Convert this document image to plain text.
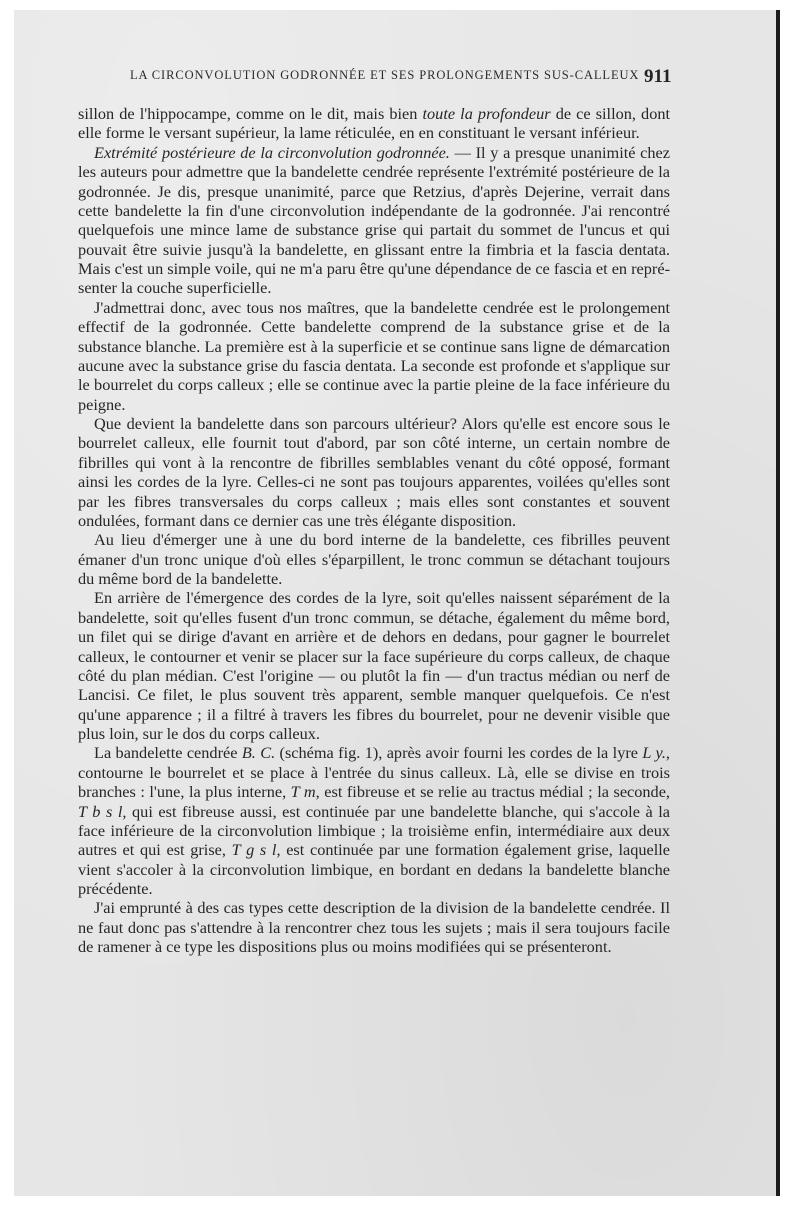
LA CIRCONVOLUTION GODRONNÉE ET SES PROLONGEMENTS SUS-CALLEUX 911

sillon de l'hippocampe, comme on le dit, mais bien toute la profondeur de ce sillon, dont elle forme le versant supérieur, la lame réticulée, en en constituant le versant inférieur.

Extrémité postérieure de la circonvolution godronnée. — Il y a presque unanimité chez les auteurs pour admettre que la bandelette cendrée représente l'extrémité postérieure de la godronnée. Je dis, presque unanimité, parce que Retzius, d'après Dejerine, verrait dans cette bandelette la fin d'une circonvolution indépendante de la godronnée. J'ai rencontré quelquefois une mince lame de substance grise qui partait du sommet de l'uncus et qui pouvait être suivie jusqu'à la bandelette, en glissant entre la fimbria et la fascia dentata. Mais c'est un simple voile, qui ne m'a paru être qu'une dépendance de ce fascia et en représenter la couche superficielle.

J'admettrai donc, avec tous nos maîtres, que la bandelette cendrée est le prolongement effectif de la godronnée. Cette bandelette comprend de la substance grise et de la substance blanche. La première est à la superficie et se continue sans ligne de démarcation aucune avec la substance grise du fascia dentata. La seconde est profonde et s'applique sur le bourrelet du corps calleux ; elle se continue avec la partie pleine de la face inférieure du peigne.

Que devient la bandelette dans son parcours ultérieur? Alors qu'elle est encore sous le bourrelet calleux, elle fournit tout d'abord, par son côté interne, un certain nombre de fibrilles qui vont à la rencontre de fibrilles semblables venant du côté opposé, formant ainsi les cordes de la lyre. Celles-ci ne sont pas toujours apparentes, voilées qu'elles sont par les fibres transversales du corps calleux ; mais elles sont constantes et souvent ondulées, formant dans ce dernier cas une très élégante disposition.

Au lieu d'émerger une à une du bord interne de la bandelette, ces fibrilles peuvent émaner d'un tronc unique d'où elles s'éparpillent, le tronc commun se détachant toujours du même bord de la bandelette.

En arrière de l'émergence des cordes de la lyre, soit qu'elles naissent séparément de la bandelette, soit qu'elles fusent d'un tronc commun, se détache, également du même bord, un filet qui se dirige d'avant en arrière et de dehors en dedans, pour gagner le bourrelet calleux, le contourner et venir se placer sur la face supérieure du corps calleux, de chaque côté du plan médian. C'est l'origine — ou plutôt la fin — d'un tractus médian ou nerf de Lancisi. Ce filet, le plus souvent très apparent, semble manquer quelquefois. Ce n'est qu'une apparence ; il a filtré à travers les fibres du bourrelet, pour ne devenir visible que plus loin, sur le dos du corps calleux.

La bandelette cendrée B. C. (schéma fig. 1), après avoir fourni les cordes de la lyre L y., contourne le bourrelet et se place à l'entrée du sinus calleux. Là, elle se divise en trois branches : l'une, la plus interne, T m, est fibreuse et se relie au tractus médial ; la seconde, T b s l, qui est fibreuse aussi, est continuée par une bandelette blanche, qui s'accole à la face inférieure de la circonvolution limbique ; la troisième enfin, intermédiaire aux deux autres et qui est grise, T g s l, est continuée par une formation également grise, laquelle vient s'accoler à la circonvolution limbique, en bordant en dedans la bandelette blanche précédente.

J'ai emprunté à des cas types cette description de la division de la bandelette cendrée. Il ne faut donc pas s'attendre à la rencontrer chez tous les sujets ; mais il sera toujours facile de ramener à ce type les dispositions plus ou moins modifiées qui se présenteront.
